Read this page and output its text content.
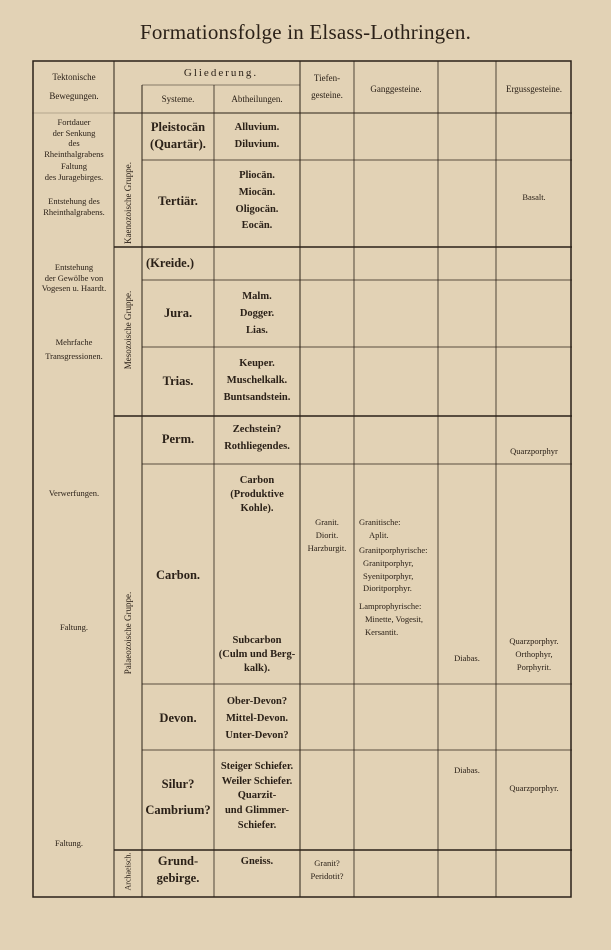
Formationsfolge in Elsass-Lothringen.
Tektonische
Bewegungen.
Gliederung.
Systeme.	Abtheilungen.
Tiefen-
gesteine.
Ganggesteine.	Ergussgesteine.
Fortdauer
der Senkung
des
Rheinthalgrabens
Faltung
des Juragebirges.
Entstehung des
Rheinthalgrabens.
Entstehung
der Gewölbe von
Vogesen u. Haardt.
Mehrfache
Transgressionen.
Verwerfungen.
Faltung.
Faltung.
Kaenozoische Gruppe.
Mesozoische Gruppe.
Palaeozoische Gruppe.
Archaeisch.
Pleistocän
(Quartär).
Tertiär.
(Kreide.)
Jura.
Trias.
Perm.
Carbon.
Devon.
Silur?
Cambrium?
Grund-
gebirge.
Alluvium.
Diluvium.
Pliocän.
Miocän.
Oligocän.
Eocän.
Malm.
Dogger.
Lias.
Keuper.
Muschelkalk.
Buntsandstein.
Zechstein?
Rothliegendes.
Carbon
(Produktive
Kohle).
Subcarbon
(Culm und Berg-
kalk).
Ober-Devon?
Mittel-Devon.
Unter-Devon?
Steiger Schiefer.
Weiler Schiefer.
Quarzit-
und Glimmer-
Schiefer.
Gneiss.
Granit.
Diorit.
Harzburgit.
Granit?
Peridotit?
Granitische:
Aplit.
Granitporphyrische:
Granitporphyr,
Syenitporphyr,
Dioritporphyr.
Lamprophyrische:
Minette, Vogesit,
Kersantit.
Diabas.
Diabas.
Basalt.
Quarzporphyr
Quarzporphyr.
Orthophyr,
Porphyrit.
Quarzporphyr.
